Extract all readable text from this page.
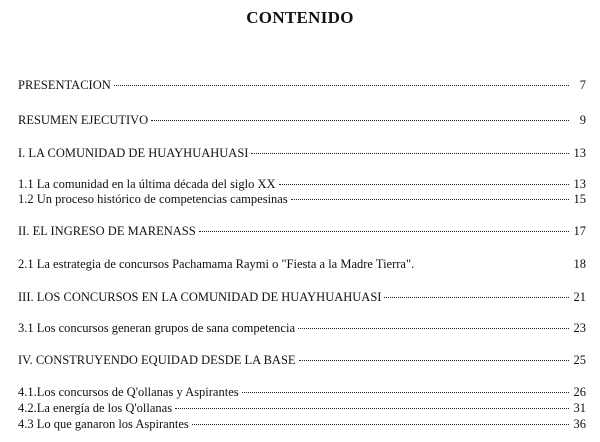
CONTENIDO
PRESENTACION	7
RESUMEN EJECUTIVO	9
I. LA COMUNIDAD DE HUAYHUAHUASI	13
1.1 La comunidad en la última década del siglo XX	13
1.2 Un proceso histórico de competencias campesinas	15
II. EL INGRESO DE MARENASS	17
2.1 La estrategia de concursos Pachamama Raymi o "Fiesta a la Madre Tierra".	18
III. LOS CONCURSOS EN LA COMUNIDAD DE HUAYHUAHUASI	21
3.1 Los concursos generan grupos de sana competencia	23
IV. CONSTRUYENDO EQUIDAD DESDE LA BASE	25
4.1.Los concursos de Q'ollanas y Aspirantes	26
4.2.La energía de los Q'ollanas	31
4.3 Lo que ganaron los Aspirantes	36
